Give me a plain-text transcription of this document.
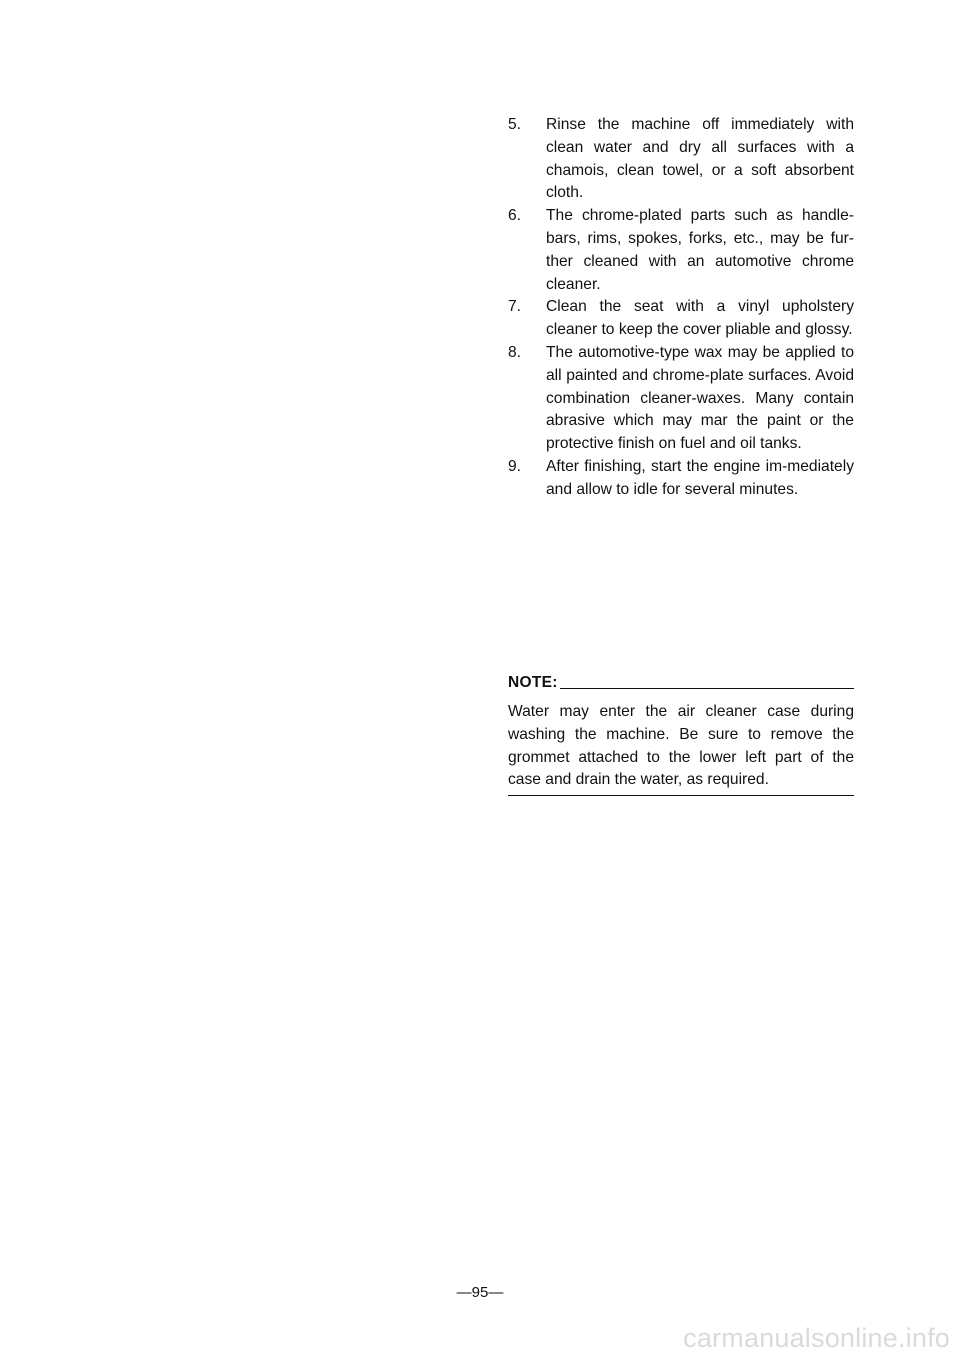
5.	Rinse the machine off immediately with clean water and dry all surfaces with a chamois, clean towel, or a soft absorbent cloth.
6.	The chrome-plated parts such as handle-bars, rims, spokes, forks, etc., may be fur-ther cleaned with an automotive chrome cleaner.
7.	Clean the seat with a vinyl upholstery cleaner to keep the cover pliable and glossy.
8.	The automotive-type wax may be applied to all painted and chrome-plate surfaces. Avoid combination cleaner-waxes. Many contain abrasive which may mar the paint or the protective finish on fuel and oil tanks.
9.	After finishing, start the engine im-mediately and allow to idle for several minutes.
NOTE:

Water may enter the air cleaner case during washing the machine. Be sure to remove the grommet attached to the lower left part of the case and drain the water, as required.

—95—
carmanualsonline.info
